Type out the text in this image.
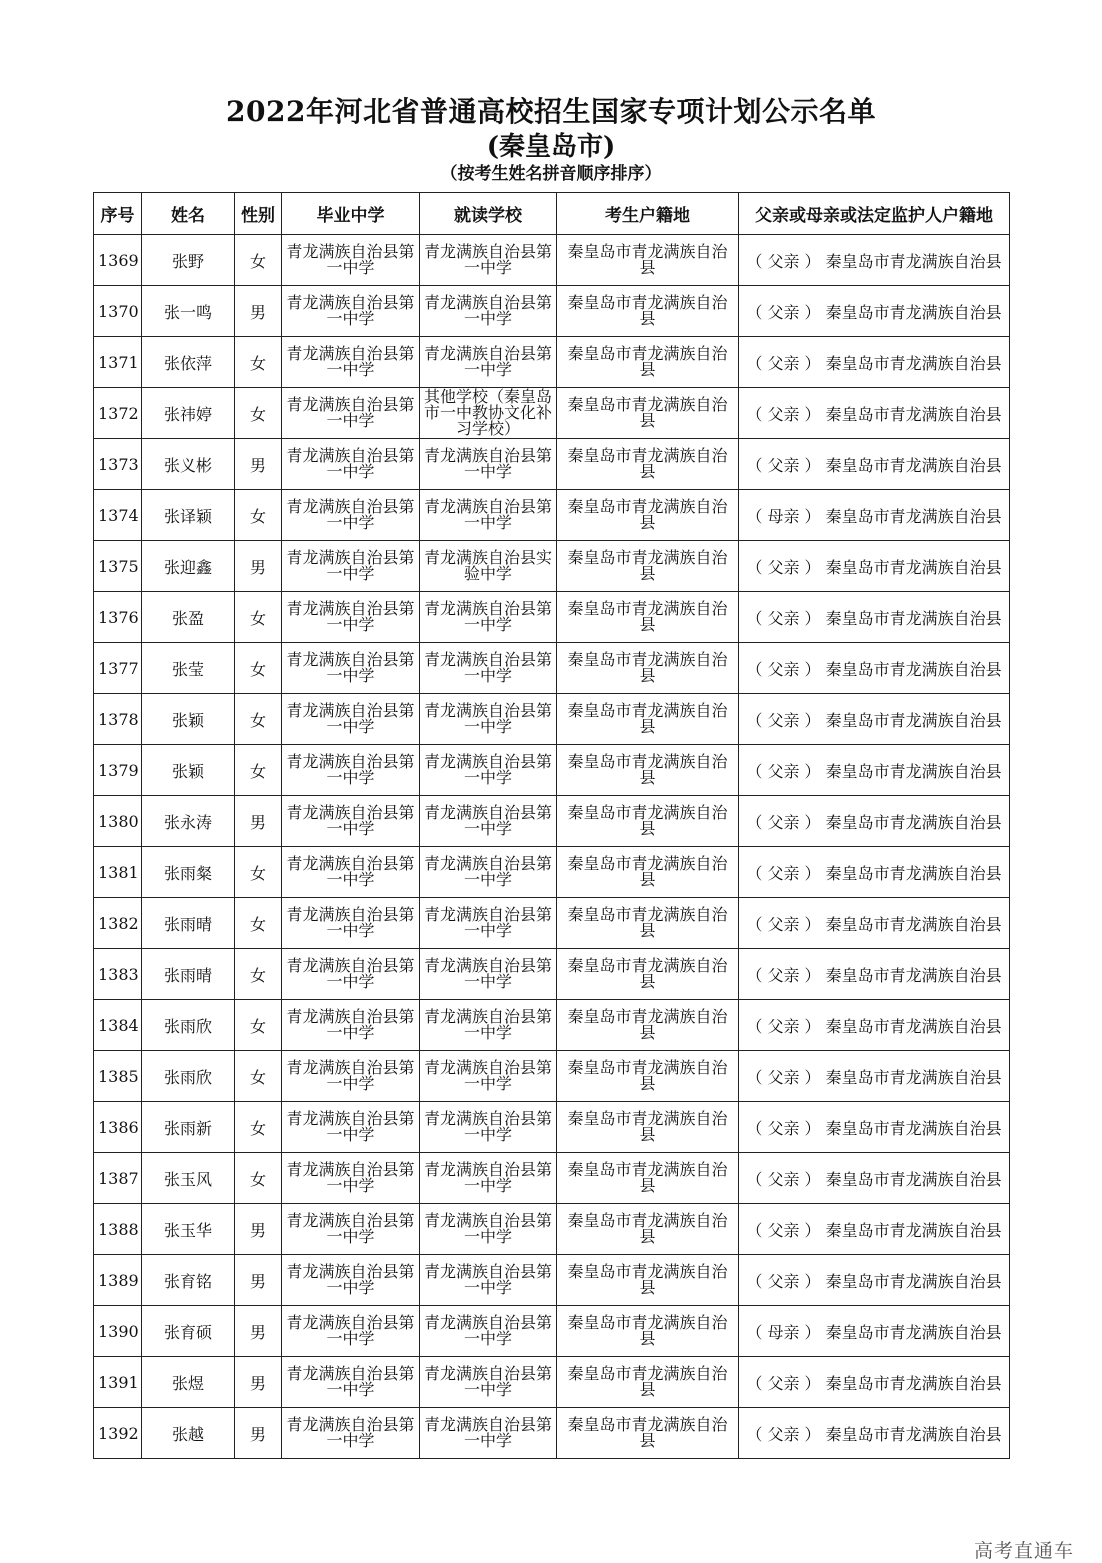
2022年河北省普通高校招生国家专项计划公示名单
(秦皇岛市)
（按考生姓名拼音顺序排序）
序号	姓名	性别	毕业中学	就读学校	考生户籍地	父亲或母亲或法定监护人户籍地
1369	张野	女	青龙满族自治县第一中学	青龙满族自治县第一中学	秦皇岛市青龙满族自治县	（ 父亲 ） 秦皇岛市青龙满族自治县
1370	张一鸣	男	青龙满族自治县第一中学	青龙满族自治县第一中学	秦皇岛市青龙满族自治县	（ 父亲 ） 秦皇岛市青龙满族自治县
1371	张依萍	女	青龙满族自治县第一中学	青龙满族自治县第一中学	秦皇岛市青龙满族自治县	（ 父亲 ） 秦皇岛市青龙满族自治县
1372	张祎婷	女	青龙满族自治县第一中学	其他学校（秦皇岛市一中教协文化补习学校）	秦皇岛市青龙满族自治县	（ 父亲 ） 秦皇岛市青龙满族自治县
1373	张义彬	男	青龙满族自治县第一中学	青龙满族自治县第一中学	秦皇岛市青龙满族自治县	（ 父亲 ） 秦皇岛市青龙满族自治县
1374	张译颖	女	青龙满族自治县第一中学	青龙满族自治县第一中学	秦皇岛市青龙满族自治县	（ 母亲 ） 秦皇岛市青龙满族自治县
1375	张迎鑫	男	青龙满族自治县第一中学	青龙满族自治县实验中学	秦皇岛市青龙满族自治县	（ 父亲 ） 秦皇岛市青龙满族自治县
1376	张盈	女	青龙满族自治县第一中学	青龙满族自治县第一中学	秦皇岛市青龙满族自治县	（ 父亲 ） 秦皇岛市青龙满族自治县
1377	张莹	女	青龙满族自治县第一中学	青龙满族自治县第一中学	秦皇岛市青龙满族自治县	（ 父亲 ） 秦皇岛市青龙满族自治县
1378	张颖	女	青龙满族自治县第一中学	青龙满族自治县第一中学	秦皇岛市青龙满族自治县	（ 父亲 ） 秦皇岛市青龙满族自治县
1379	张颖	女	青龙满族自治县第一中学	青龙满族自治县第一中学	秦皇岛市青龙满族自治县	（ 父亲 ） 秦皇岛市青龙满族自治县
1380	张永涛	男	青龙满族自治县第一中学	青龙满族自治县第一中学	秦皇岛市青龙满族自治县	（ 父亲 ） 秦皇岛市青龙满族自治县
1381	张雨粲	女	青龙满族自治县第一中学	青龙满族自治县第一中学	秦皇岛市青龙满族自治县	（ 父亲 ） 秦皇岛市青龙满族自治县
1382	张雨晴	女	青龙满族自治县第一中学	青龙满族自治县第一中学	秦皇岛市青龙满族自治县	（ 父亲 ） 秦皇岛市青龙满族自治县
1383	张雨晴	女	青龙满族自治县第一中学	青龙满族自治县第一中学	秦皇岛市青龙满族自治县	（ 父亲 ） 秦皇岛市青龙满族自治县
1384	张雨欣	女	青龙满族自治县第一中学	青龙满族自治县第一中学	秦皇岛市青龙满族自治县	（ 父亲 ） 秦皇岛市青龙满族自治县
1385	张雨欣	女	青龙满族自治县第一中学	青龙满族自治县第一中学	秦皇岛市青龙满族自治县	（ 父亲 ） 秦皇岛市青龙满族自治县
1386	张雨新	女	青龙满族自治县第一中学	青龙满族自治县第一中学	秦皇岛市青龙满族自治县	（ 父亲 ） 秦皇岛市青龙满族自治县
1387	张玉风	女	青龙满族自治县第一中学	青龙满族自治县第一中学	秦皇岛市青龙满族自治县	（ 父亲 ） 秦皇岛市青龙满族自治县
1388	张玉华	男	青龙满族自治县第一中学	青龙满族自治县第一中学	秦皇岛市青龙满族自治县	（ 父亲 ） 秦皇岛市青龙满族自治县
1389	张育铭	男	青龙满族自治县第一中学	青龙满族自治县第一中学	秦皇岛市青龙满族自治县	（ 父亲 ） 秦皇岛市青龙满族自治县
1390	张育硕	男	青龙满族自治县第一中学	青龙满族自治县第一中学	秦皇岛市青龙满族自治县	（ 母亲 ） 秦皇岛市青龙满族自治县
1391	张煜	男	青龙满族自治县第一中学	青龙满族自治县第一中学	秦皇岛市青龙满族自治县	（ 父亲 ） 秦皇岛市青龙满族自治县
1392	张越	男	青龙满族自治县第一中学	青龙满族自治县第一中学	秦皇岛市青龙满族自治县	（ 父亲 ） 秦皇岛市青龙满族自治县
高考直通车
